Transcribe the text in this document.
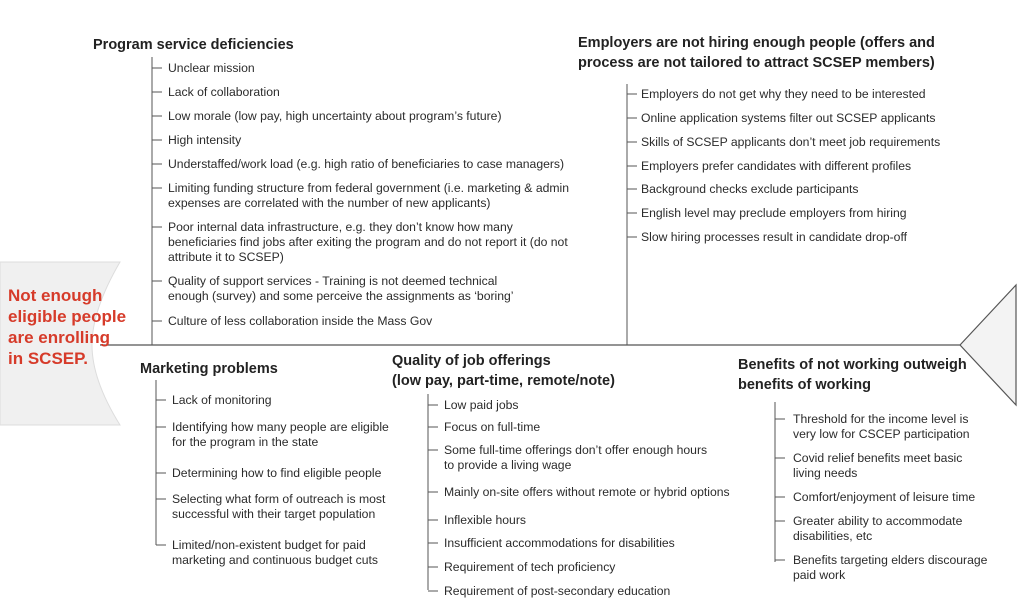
Not enough
eligible people
are enrolling
in SCSEP.
Program service deficiencies	Employers are not hiring enough people (offers and
process are not tailored to attract SCSEP members)
Marketing problems	Quality of job offerings
(low pay, part-time, remote/note)
Benefits of not working outweigh
benefits of working
Unclear mission
Lack of collaboration
Low morale (low pay, high uncertainty about program’s future)
High intensity
Understaffed/work load (e.g. high ratio of beneficiaries to case managers)
Limiting funding structure from federal government (i.e. marketing & admin
expenses are correlated with the number of new applicants)
Poor internal data infrastructure, e.g. they don’t know how many
beneficiaries find jobs after exiting the program and do not report it (do not
attribute it to SCSEP)
Quality of support services - Training is not deemed technical
enough (survey) and some perceive the assignments as ‘boring’
Culture of less collaboration inside the Mass Gov
Employers do not get why they need to be interested
Online application systems filter out SCSEP applicants
Skills of SCSEP applicants don’t meet job requirements
Employers prefer candidates with different profiles
Background checks exclude participants
English level may preclude employers from hiring
Slow hiring processes result in candidate drop-off
Lack of monitoring
Identifying how many people are eligible
for the program in the state
Determining how to find eligible people
Selecting what form of outreach is most
successful with their target population
Limited/non-existent budget for paid
marketing and continuous budget cuts
Low paid jobs
Focus on full-time
Some full-time offerings don’t offer enough hours
to provide a living wage
Mainly on-site offers without remote or hybrid options
Inflexible hours
Insufficient accommodations for disabilities
Requirement of tech proficiency
Requirement of post-secondary education
Threshold for the income level is
very low for CSCEP participation
Covid relief benefits meet basic
living needs
Comfort/enjoyment of leisure time
Greater ability to accommodate
disabilities, etc
Benefits targeting elders discourage
paid work
